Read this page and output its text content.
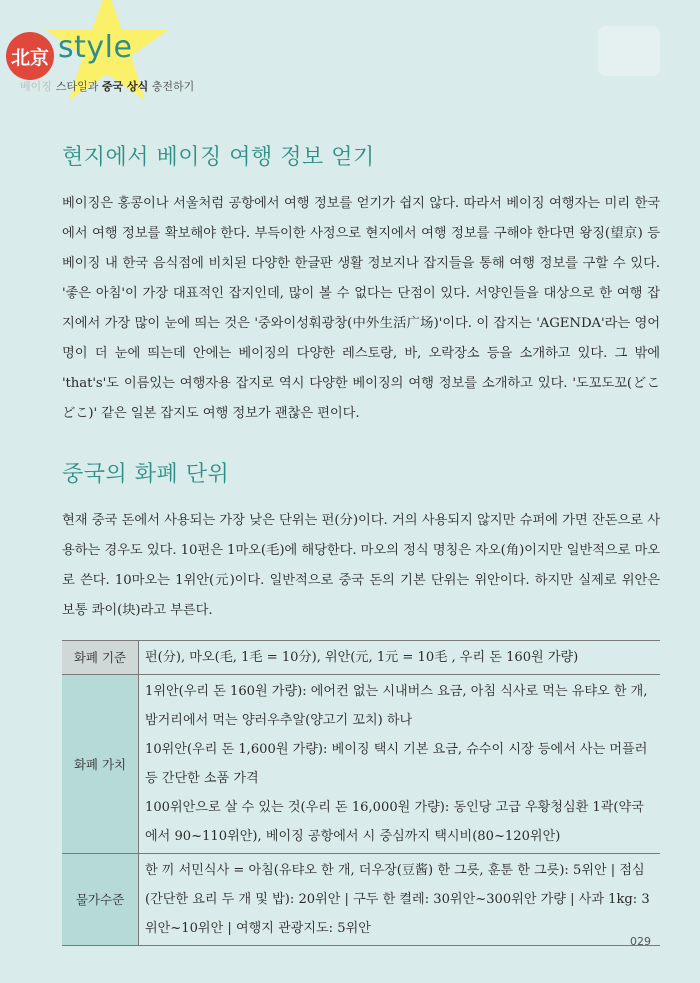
北京 style
베이징 스타일과 중국 상식 충전하기
현지에서 베이징 여행 정보 얻기

베이징은 홍콩이나 서울처럼 공항에서 여행 정보를 얻기가 쉽지 않다. 따라서 베이징 여행자는 미리 한국에서 여행 정보를 확보해야 한다. 부득이한 사정으로 현지에서 여행 정보를 구해야 한다면 왕징(望京) 등 베이징 내 한국 음식점에 비치된 다양한 한글판 생활 정보지나 잡지들을 통해 여행 정보를 구할 수 있다. '좋은 아침'이 가장 대표적인 잡지인데, 많이 볼 수 없다는 단점이 있다. 서양인들을 대상으로 한 여행 잡지에서 가장 많이 눈에 띄는 것은 '중와이성훠광창(中外生活广场)'이다. 이 잡지는 'AGENDA'라는 영어명이 더 눈에 띄는데 안에는 베이징의 다양한 레스토랑, 바, 오락장소 등을 소개하고 있다. 그 밖에 'that's'도 이름있는 여행자용 잡지로 역시 다양한 베이징의 여행 정보를 소개하고 있다. '도꼬도꼬(どこどこ)' 같은 일본 잡지도 여행 정보가 괜찮은 편이다.

중국의 화폐 단위

현재 중국 돈에서 사용되는 가장 낮은 단위는 펀(分)이다. 거의 사용되지 않지만 슈퍼에 가면 잔돈으로 사용하는 경우도 있다. 10펀은 1마오(毛)에 해당한다. 마오의 정식 명칭은 자오(角)이지만 일반적으로 마오로 쓴다. 10마오는 1위안(元)이다. 일반적으로 중국 돈의 기본 단위는 위안이다. 하지만 실제로 위안은 보통 콰이(块)라고 부른다.

화폐 기준	펀(分), 마오(毛, 1毛 = 10分), 위안(元, 1元 = 10毛 , 우리 돈 160원 가량)

화폐 가치	1위안(우리 돈 160원 가량): 에어컨 없는 시내버스 요금, 아침 식사로 먹는 유탸오 한 개, 밤거리에서 먹는 양러우추알(양고기 꼬치) 하나
10위안(우리 돈 1,600원 가량): 베이징 택시 기본 요금, 슈수이 시장 등에서 사는 머플러 등 간단한 소품 가격
100위안으로 살 수 있는 것(우리 돈 16,000원 가량): 동인당 고급 우황청심환 1곽(약국에서 90~110위안), 베이징 공항에서 시 중심까지 택시비(80~120위안)

물가수준	한 끼 서민식사 = 아침(유탸오 한 개, 더우장(豆酱) 한 그릇, 훈툰 한 그릇): 5위안 | 점심(간단한 요리 두 개 및 밥): 20위안 | 구두 한 켤레: 30위안~300위안 가량 | 사과 1kg: 3위안~10위안 | 여행지 관광지도: 5위안
029
